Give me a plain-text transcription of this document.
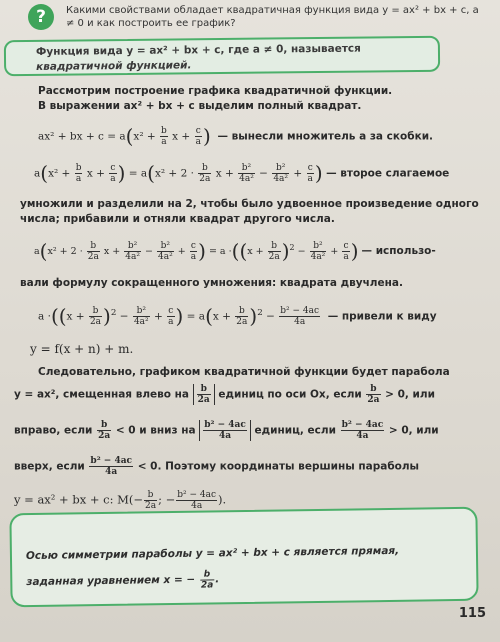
?	Какими свойствами обладает квадратичная функция вида y = ax² + bx + c, a ≠ 0 и как построить ее график?
Функция вида y = ax² + bx + c, где a ≠ 0, называется квадратичной функцией.
Рассмотрим построение графика квадратичной функции.
В выражении ax² + bx + c выделим полный квадрат.
ax² + bx + $c = a(x^2 + \frac{b}{a}$ $x + \frac{c}{a}$ ) — вынесли множитель a за скобки.
$a(x^2 + \frac{b}{a}$ $x + \frac{c}{a}$ ) = $a(x^2 + 2 \cdot \frac{b}{2a}$ $x + \frac{\text{b²}}{\text{4a²}} - \frac{\text{b²}}{\text{4a²}} + \frac{c}{a}$ ) — второе слагаемое
умножили и разделили на 2, чтобы было удвоенное произведение одного
числа; прибавили и отняли квадрат другого числа.
$a(x^2 + 2 \cdot \frac{b}{2a}$ $x + \frac{\text{b²}}{\text{4a²}} - \frac{\text{b²}}{\text{4a²}} + \frac{c}{a}$ ) = $a \cdot((x + \frac{b}{2a} )^2 - \frac{\text{b²}}{\text{4a²}} + \frac{c}{a}$ ) — использо-
вали формулу сокращенного умножения: квадрата двучлена.
$a \cdot((x + \frac{b}{2a} )^2 - \frac{\text{b²}}{\text{4a²}} + \frac{c}{a}$ ) = $a(x + \frac{b}{2a} )^2 - \frac{\text{b² − 4ac}}{4a}$ — привели к виду
y = f(x + n) + m.
Следовательно, графиком квадратичной функции будет парабола
y = ax², смещенная влево на $\frac{b}{2a}$ единиц по оси Ox, если $\frac{b}{2a} > 0$, или
вправо, если $\frac{b}{2a} < 0$ и вниз на $\frac{\text{b² − 4ac}}{4a}$ единиц, если $\frac{\text{b² − 4ac}}{4a} > 0$, или
вверх, если $\frac{\text{b² − 4ac}}{4a} < 0$. Поэтому координаты вершины параболы
y = ax² + bx + c: $M(- \frac{b}{2a}$ ; − $\frac{\text{b² − 4ac}}{4a}$ ).
Осью симметрии параболы y = ax² + bx + c является прямая,
заданная уравнением x = − $\frac{b}{2a}$ .
115
